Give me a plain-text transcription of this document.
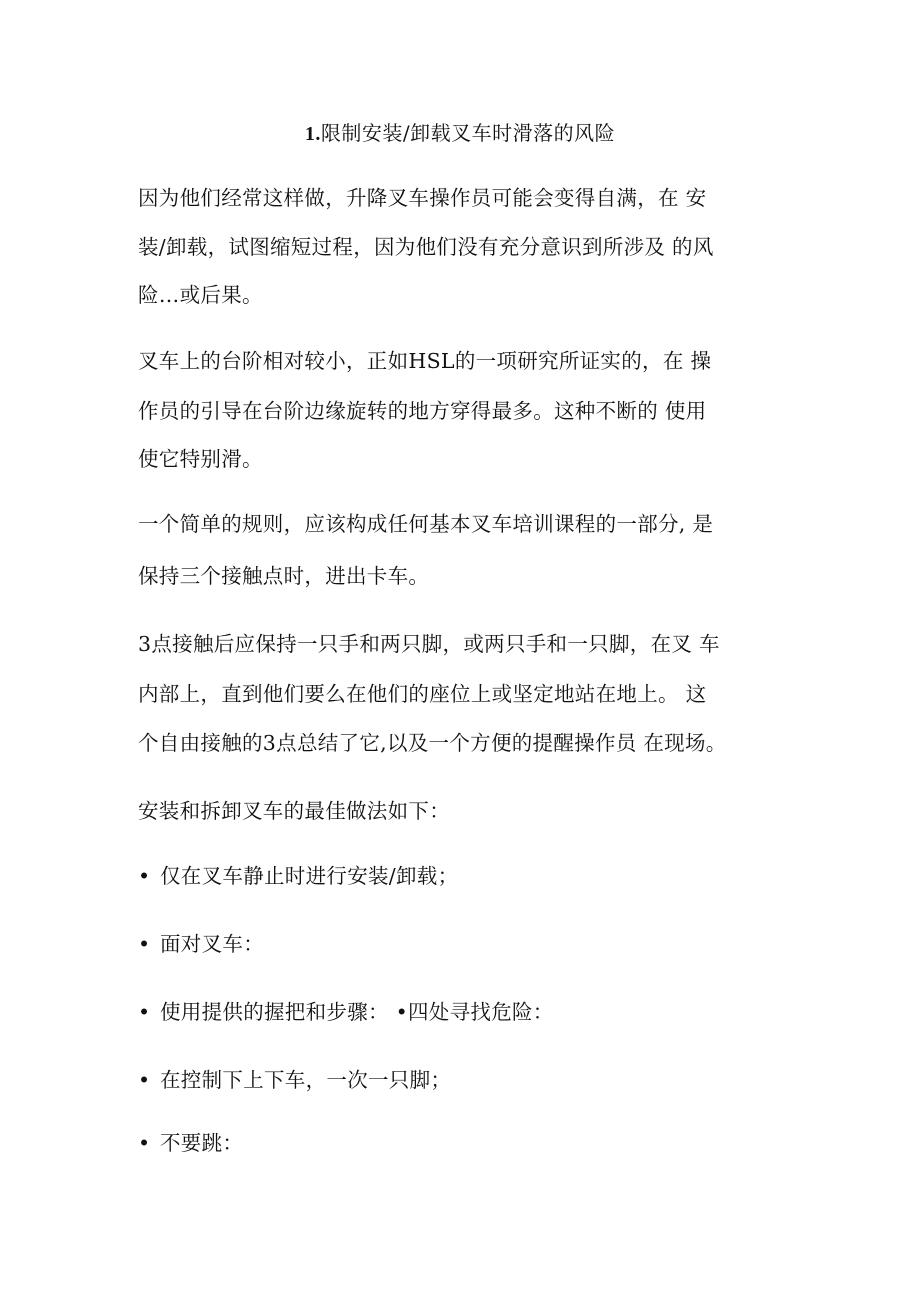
1.限制安装/卸载叉车时滑落的风险
因为他们经常这样做，升降叉车操作员可能会变得自满，在 安
装/卸载，试图缩短过程，因为他们没有充分意识到所涉及 的风
险…或后果。
叉车上的台阶相对较小，正如HSL的一项研究所证实的，在 操
作员的引导在台阶边缘旋转的地方穿得最多。这种不断的 使用
使它特别滑。
一个简单的规则，应该构成任何基本叉车培训课程的一部分, 是
保持三个接触点时，进出卡车。
3点接触后应保持一只手和两只脚，或两只手和一只脚，在叉 车
内部上，直到他们要么在他们的座位上或坚定地站在地上。 这
个自由接触的3点总结了它,以及一个方便的提醒操作员 在现场。
安装和拆卸叉车的最佳做法如下：
• 仅在叉车静止时进行安装/卸载；
• 面对叉车：
• 使用提供的握把和步骤： •四处寻找危险：
• 在控制下上下车，一次一只脚；
• 不要跳：
